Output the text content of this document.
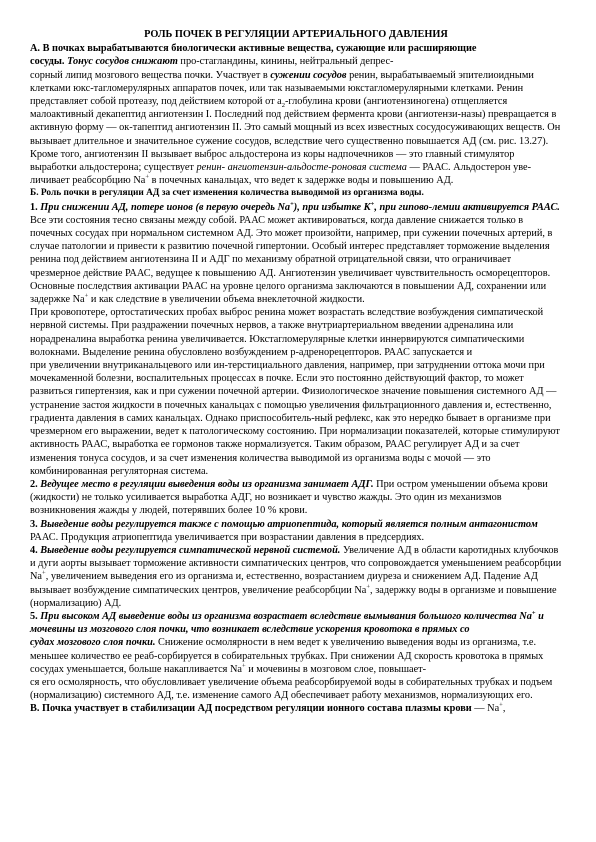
РОЛЬ ПОЧЕК В РЕГУЛЯЦИИ АРТЕРИАЛЬНОГО ДАВЛЕНИЯ

А. В почках вырабатываются биологически активные вещества, сужающие или расширяющие
сосуды. Тонус сосудов снижают про-стагландины, кинины, нейтральный депрес-
сорный липид мозгового вещества почки. Участвует в сужении сосудов ренин, вырабатываемый эпителиоидными клетками юкс-тагломерулярных аппаратов почек, или так называемыми юкстагломерулярными клетками. Ренин представляет собой протеазу, под действием которой от $a_2$-глобулина крови (ангиотензиногена) отщепляется малоактивный декапептид ангиотензин I. Последний под действием фермента крови (ангиотензи-назы) превращается в активную форму — ок-тапептид ангиотензин II. Это самый мощный из всех известных сосудосуживающих веществ. Он вызывает длительное и значительное сужение сосудов, вследствие чего существенно повышается АД (см. рис. 13.27). Кроме того, ангиотензин II вызывает выброс альдостерона из коры надпочечников — это главный стимулятор выработки альдостерона; существует ренин- ангиотензин-альдосте-роновая система — РААС. Альдостерон уве-личивает реабсорбцию Na+ в почечных канальцах, что ведет к задержке воды и повышению АД.

Б. Роль почки в регуляции АД за счет изменения количества выводимой из организма воды.

1. При снижении АД, потере ионов (в первую очередь Na+), при избытке К+, при гипово-лемии активируется РААС. Все эти состояния тесно связаны между собой. РААС может активироваться, когда давление снижается только в почечных сосудах при нормальном системном АД. Это может произойти, например, при сужении почечных артерий, в случае патологии и привести к развитию почечной гипертонии. Особый интерес представляет торможение выделения ренина под действием ангиотензина II и АДГ по механизму обратной отрицательной связи, что ограничивает чрезмерное действие РААС, ведущее к повышению АД. Ангиотензин увеличивает чувствительность осморецепторов. Основные последствия активации РААС на уровне целого организма заключаются в повышении АД, сохранении или задержке Na+ и как следствие в увеличении объема внеклеточной жидкости.

При кровопотере, ортостатических пробах выброс ренина может возрастать вследствие возбуждения симпатической нервной системы. При раздражении почечных нервов, а также внутриартериальном введении адреналина или норадреналина выработка ренина увеличивается. Юкстагломерулярные клетки иннервируются симпатическими волокнами. Выделение ренина обусловлено возбуждением р-адренорецепторов. РААС запускается и

при увеличении внутриканальцевого или ин-терстициального давления, например, при затруднении оттока мочи при мочекаменной болезни, воспалительных процессах в почке. Если это постоянно действующий фактор, то может развиться гипертензия, как и при сужении почечной артерии. Физиологическое значение повышения системного АД — устранение застоя жидкости в почечных канальцах с помощью увеличения фильтрационного давления и, естественно, градиента давления в самих канальцах. Однако приспособитель-ный рефлекс, как это нередко бывает в организме при чрезмерном его выражении, ведет к патологическому состоянию. При нормализации показателей, которые стимулируют активность РААС, выработка ее гормонов также нормализуется. Таким образом, РААС регулирует АД и за счет изменения тонуса сосудов, и за счет изменения количества выводимой из организма воды с мочой — это комбинированная регуляторная система.

2. Ведущее место в регуляции выведения воды из организма занимает АДГ. При остром уменьшении объема крови (жидкости) не только усиливается выработка АДГ, но возникает и чувство жажды. Это один из механизмов возникновения жажды у людей, потерявших более 10 % крови.

3. Выведение воды регулируется также с помощью атриопептида, который является полным антагонистом РААС. Продукция атриопептида увеличивается при возрастании давления в предсердиях.

4. Выведение воды регулируется симпатической нервной системой. Увеличение АД в области каротидных клубочков и дуги аорты вызывает торможение активности симпатических центров, что сопровождается уменьшением реабсорбции Na+, увеличением выведения его из организма и, естественно, возрастанием диуреза и снижением АД. Падение АД вызывает возбуждение симпатических центров, увеличение реабсорбции Na+, задержку воды в организме и повышение (нормализацию) АД.

5. При высоком АД выведение воды из организма возрастает вследствие вымывания большого количества Na+ и мочевины из мозгового слоя почки, что возникает вследствие ускорения кровотока в прямых со
судах мозгового слоя почки. Снижение осмолярности в нем ведет к увеличению выведения воды из организма, т.е. меньшее количество ее реаб-сорбируется в собирательных трубках. При снижении АД скорость кровотока в прямых сосудах уменьшается, больше накапливается Na+ и мочевины в мозговом слое, повышает-
ся его осмолярность, что обусловливает увеличение объема реабсорбируемой воды в собирательных трубках и подъем (нормализацию) системного АД, т.е. изменение самого АД обеспечивает работу механизмов, нормализующих его.

В. Почка участвует в стабилизации АД посредством регуляции ионного состава плазмы крови — Na+,
